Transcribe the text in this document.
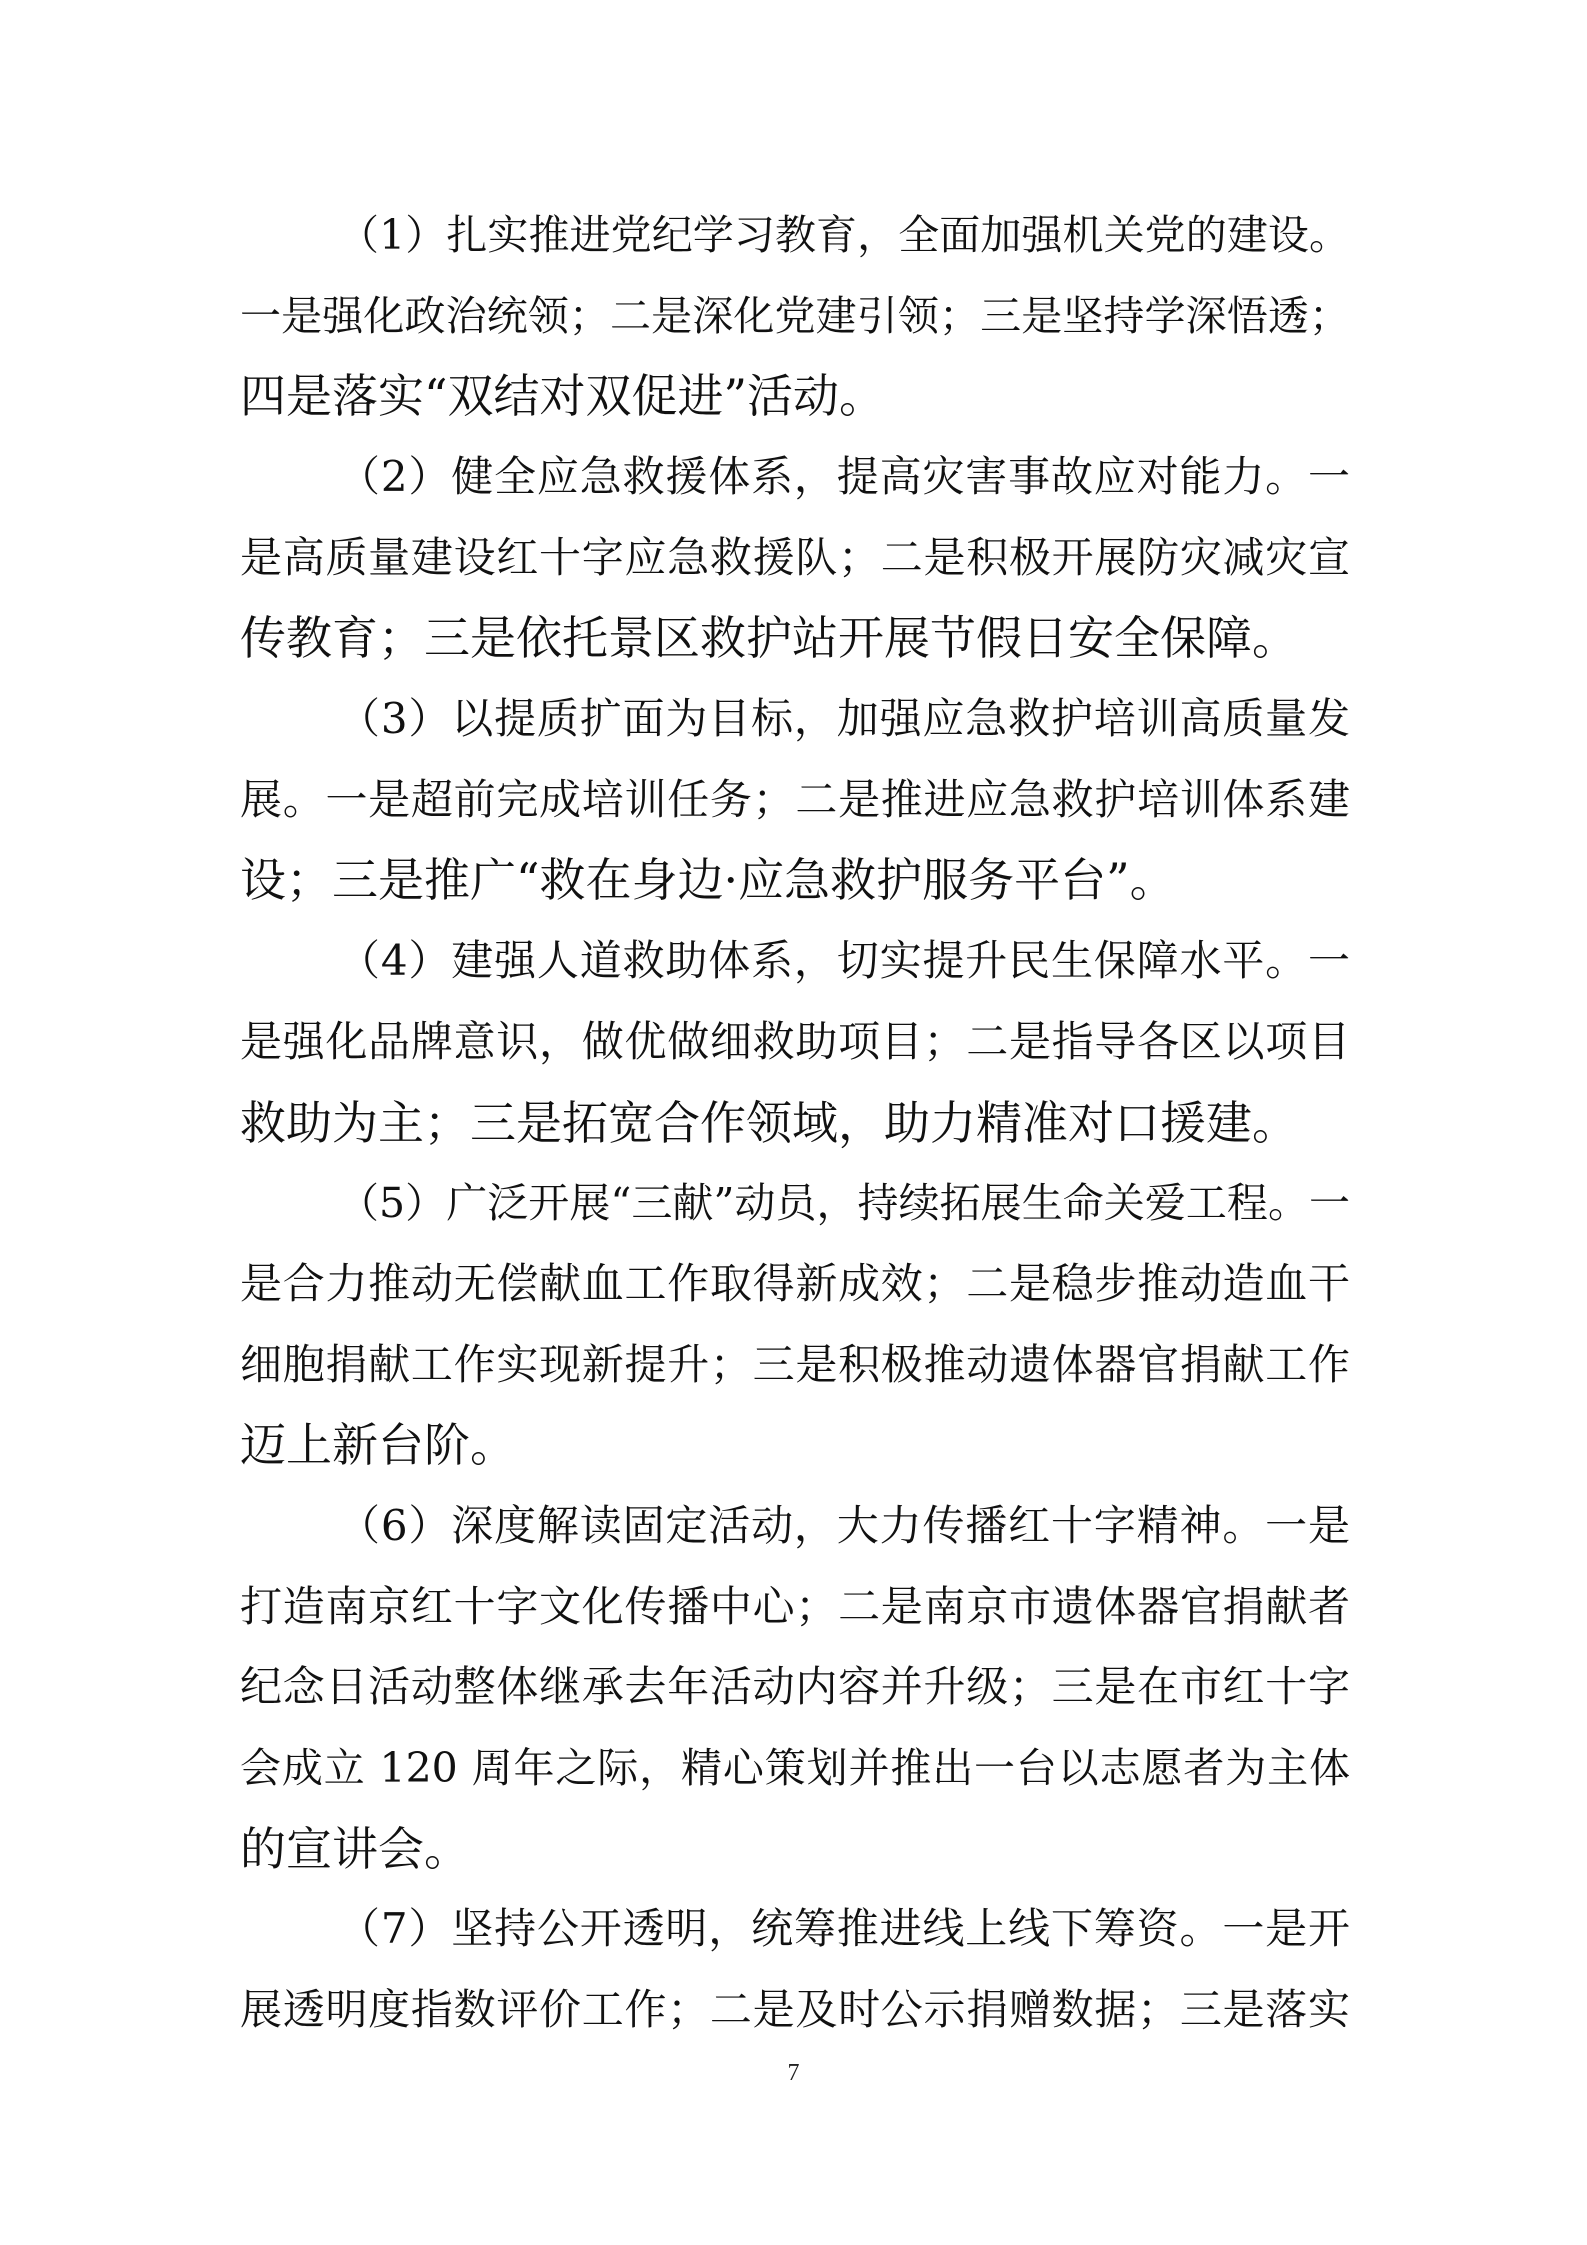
（1）扎实推进党纪学习教育，全面加强机关党的建设。
一是强化政治统领；二是深化党建引领；三是坚持学深悟透；
四是落实“双结对双促进”活动。
（2）健全应急救援体系，提高灾害事故应对能力。一
是高质量建设红十字应急救援队；二是积极开展防灾减灾宣
传教育；三是依托景区救护站开展节假日安全保障。
（3）以提质扩面为目标，加强应急救护培训高质量发
展。一是超前完成培训任务；二是推进应急救护培训体系建
设；三是推广“救在身边·应急救护服务平台”。
（4）建强人道救助体系，切实提升民生保障水平。一
是强化品牌意识，做优做细救助项目；二是指导各区以项目
救助为主；三是拓宽合作领域，助力精准对口援建。
（5）广泛开展“三献”动员，持续拓展生命关爱工程。一
是合力推动无偿献血工作取得新成效；二是稳步推动造血干
细胞捐献工作实现新提升；三是积极推动遗体器官捐献工作
迈上新台阶。
（6）深度解读固定活动，大力传播红十字精神。一是
打造南京红十字文化传播中心；二是南京市遗体器官捐献者
纪念日活动整体继承去年活动内容并升级；三是在市红十字
会成立 120 周年之际，精心策划并推出一台以志愿者为主体
的宣讲会。
（7）坚持公开透明，统筹推进线上线下筹资。一是开
展透明度指数评价工作；二是及时公示捐赠数据；三是落实
7
